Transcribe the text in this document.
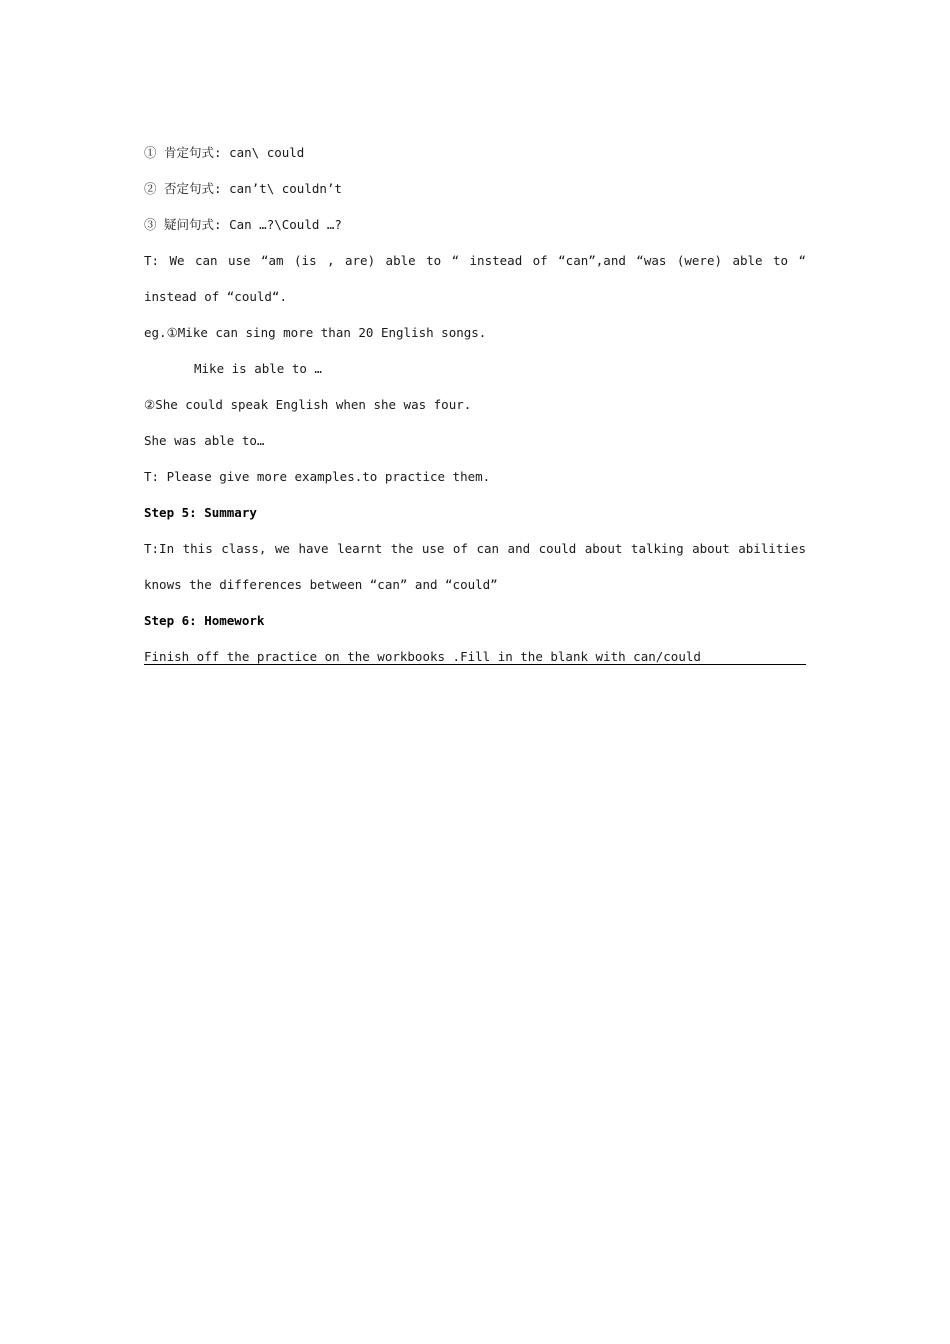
① 肯定句式: can\ could
② 否定句式: can’t\ couldn’t
③ 疑问句式: Can …?\Could …?
T: We can use “am (is , are) able to “ instead of “can”,and “was (were) able to “
instead of “could“.
eg.①Mike can sing more than 20 English songs.
Mike is able to …
②She could speak English when she was four.
She was able to…
T: Please give more examples.to practice them.
Step 5: Summary
T:In this class, we have learnt the use of can and could about talking about abilities
knows the differences between “can” and “could”
Step 6: Homework
Finish off the practice on the workbooks .Fill in the blank with can/could
